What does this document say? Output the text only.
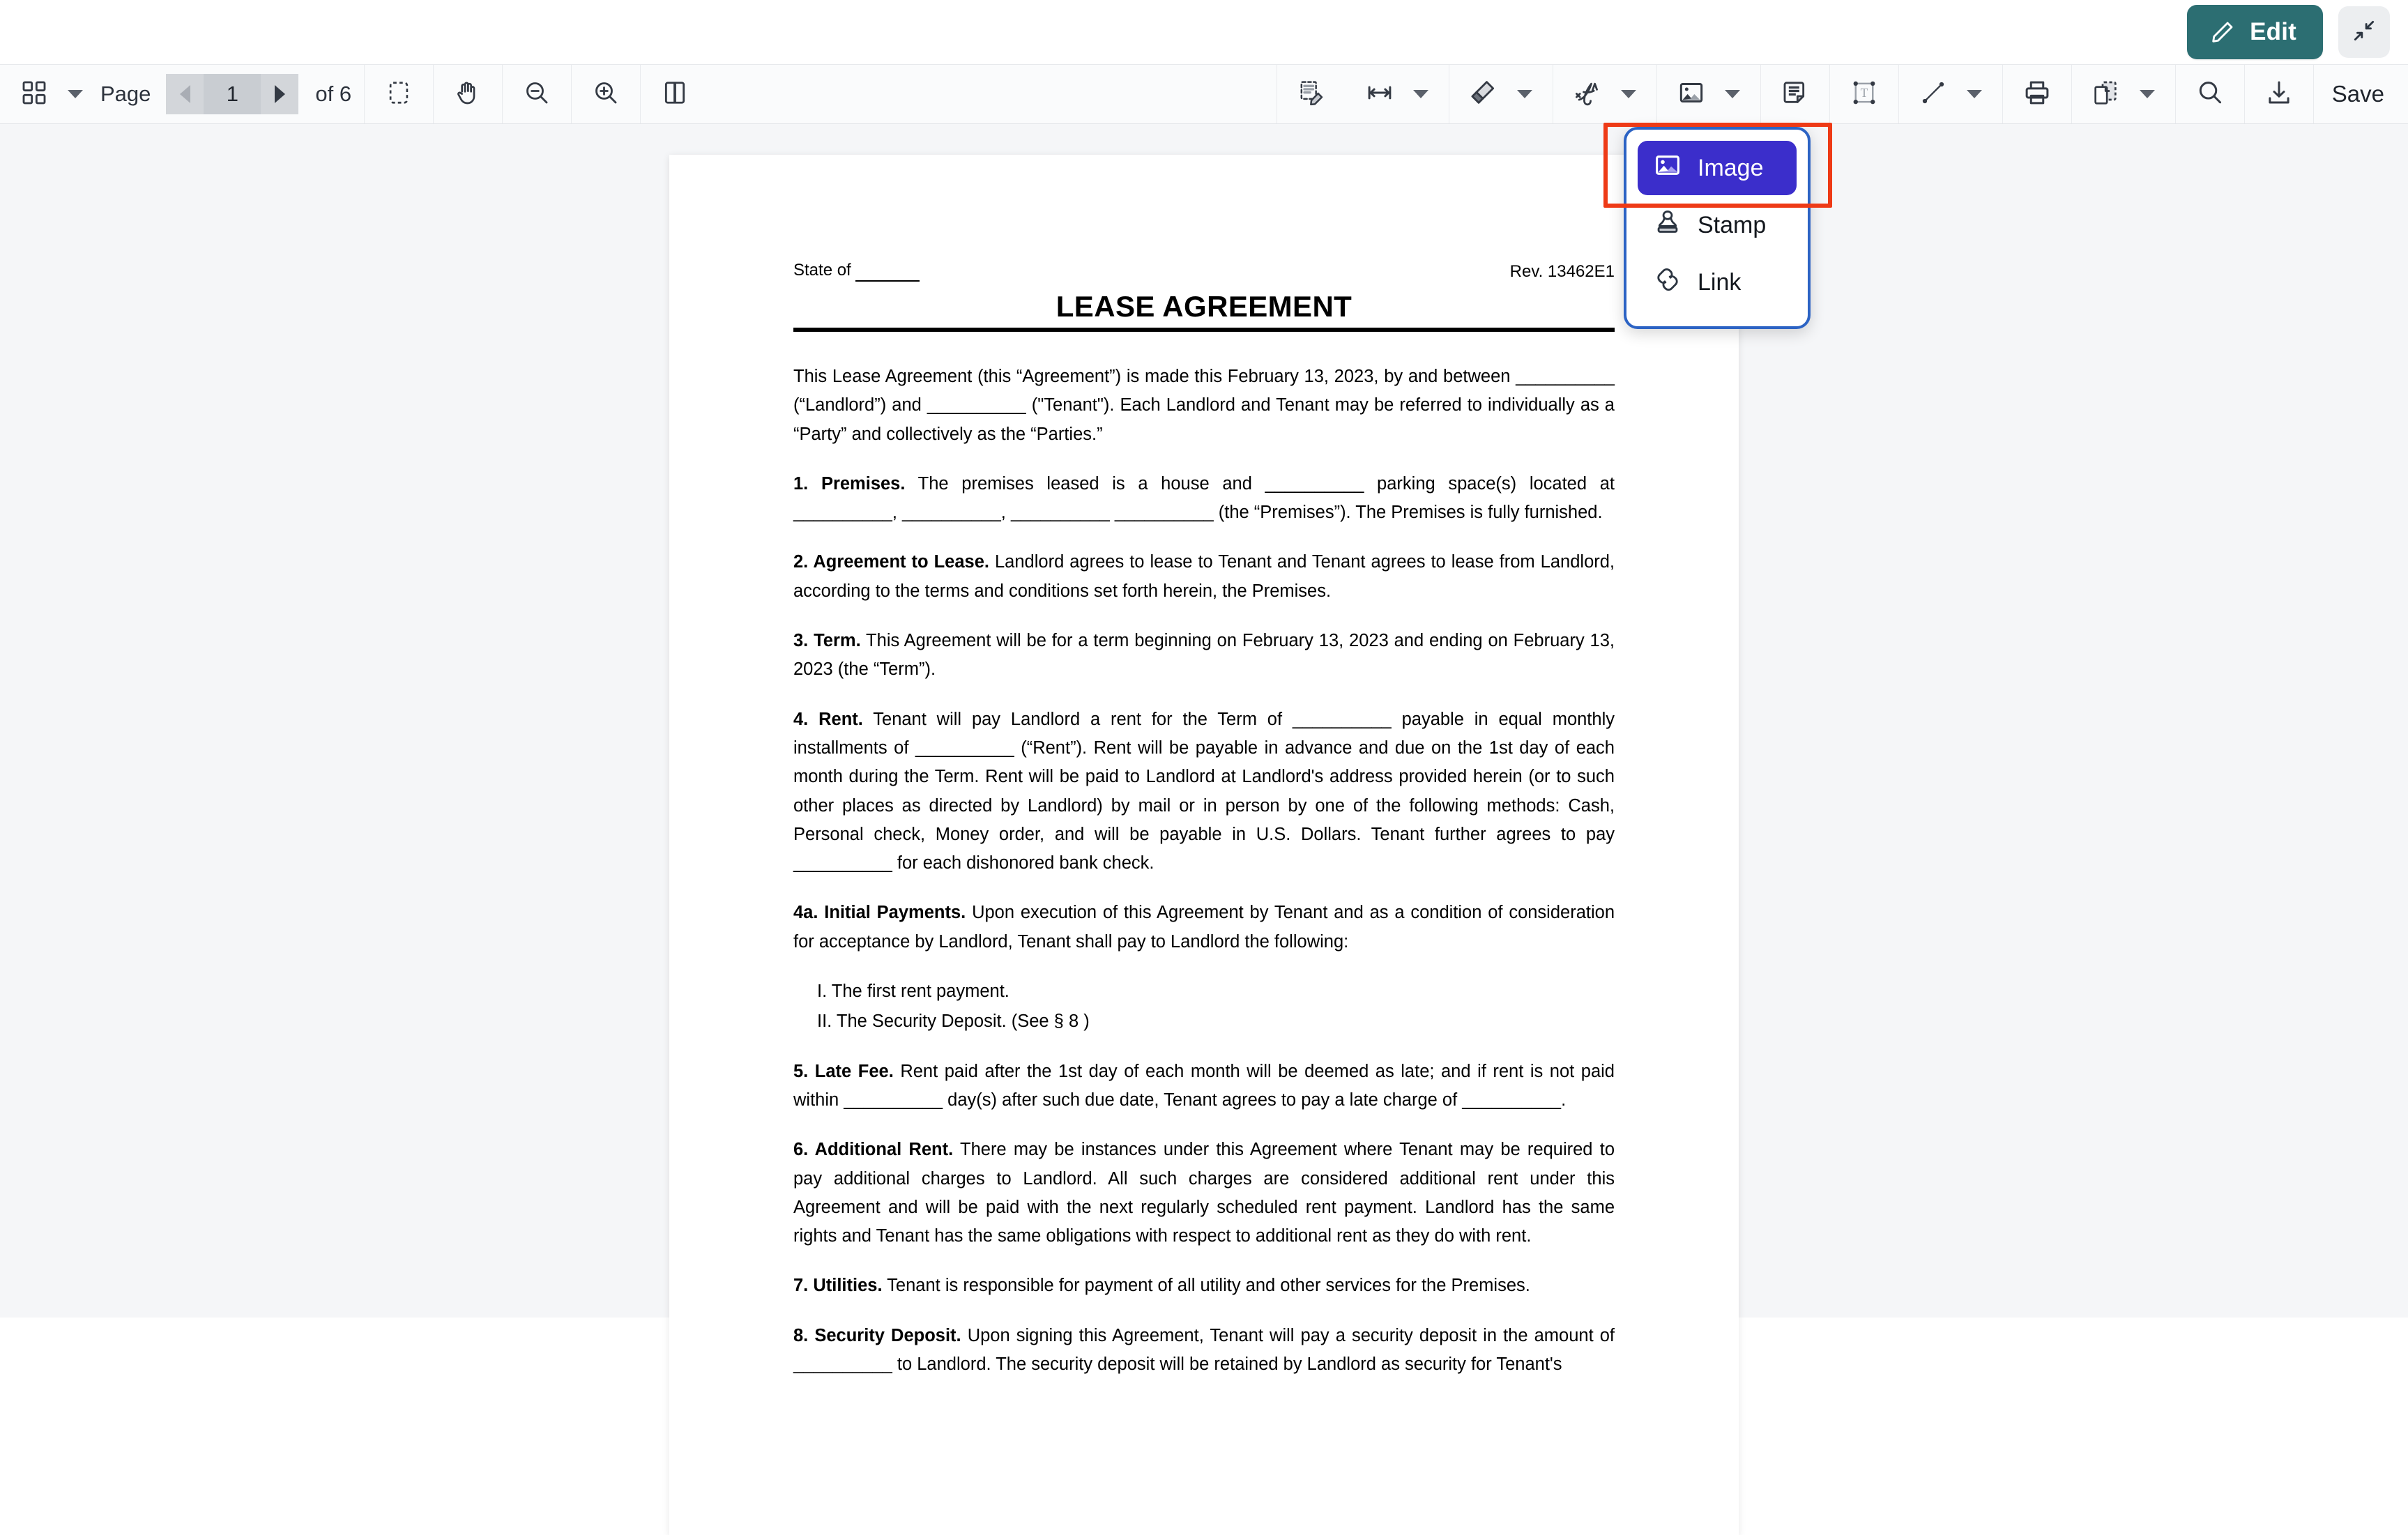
Edit
Page
1	of 6	T	Save
State of	Rev. 13462E1
LEASE AGREEMENT

This Lease Agreement (this “Agreement”) is made this February 13, 2023, by and between __________ (“Landlord”) and __________ ("Tenant"). Each Landlord and Tenant may be referred to individually as a “Party” and collectively as the “Parties.”

1. Premises. The premises leased is a house and __________ parking space(s) located at __________, __________, __________ __________ (the “Premises”). The Premises is fully furnished.

2. Agreement to Lease. Landlord agrees to lease to Tenant and Tenant agrees to lease from Landlord, according to the terms and conditions set forth herein, the Premises.

3. Term. This Agreement will be for a term beginning on February 13, 2023 and ending on February 13, 2023 (the “Term”).

4. Rent. Tenant will pay Landlord a rent for the Term of __________ payable in equal monthly installments of __________ (“Rent”). Rent will be payable in advance and due on the 1st day of each month during the Term. Rent will be paid to Landlord at Landlord's address provided herein (or to such other places as directed by Landlord) by mail or in person by one of the following methods: Cash, Personal check, Money order, and will be payable in U.S. Dollars. Tenant further agrees to pay __________ for each dishonored bank check.

4a. Initial Payments. Upon execution of this Agreement by Tenant and as a condition of consideration for acceptance by Landlord, Tenant shall pay to Landlord the following:

I. The first rent payment.
II. The Security Deposit. (See § 8 )

5. Late Fee. Rent paid after the 1st day of each month will be deemed as late; and if rent is not paid within __________ day(s) after such due date, Tenant agrees to pay a late charge of __________.

6. Additional Rent. There may be instances under this Agreement where Tenant may be required to pay additional charges to Landlord. All such charges are considered additional rent under this Agreement and will be paid with the next regularly scheduled rent payment. Landlord has the same rights and Tenant has the same obligations with respect to additional rent as they do with rent.

7. Utilities. Tenant is responsible for payment of all utility and other services for the Premises.

8. Security Deposit. Upon signing this Agreement, Tenant will pay a security deposit in the amount of __________ to Landlord. The security deposit will be retained by Landlord as security for Tenant's

Image
Stamp
Link
